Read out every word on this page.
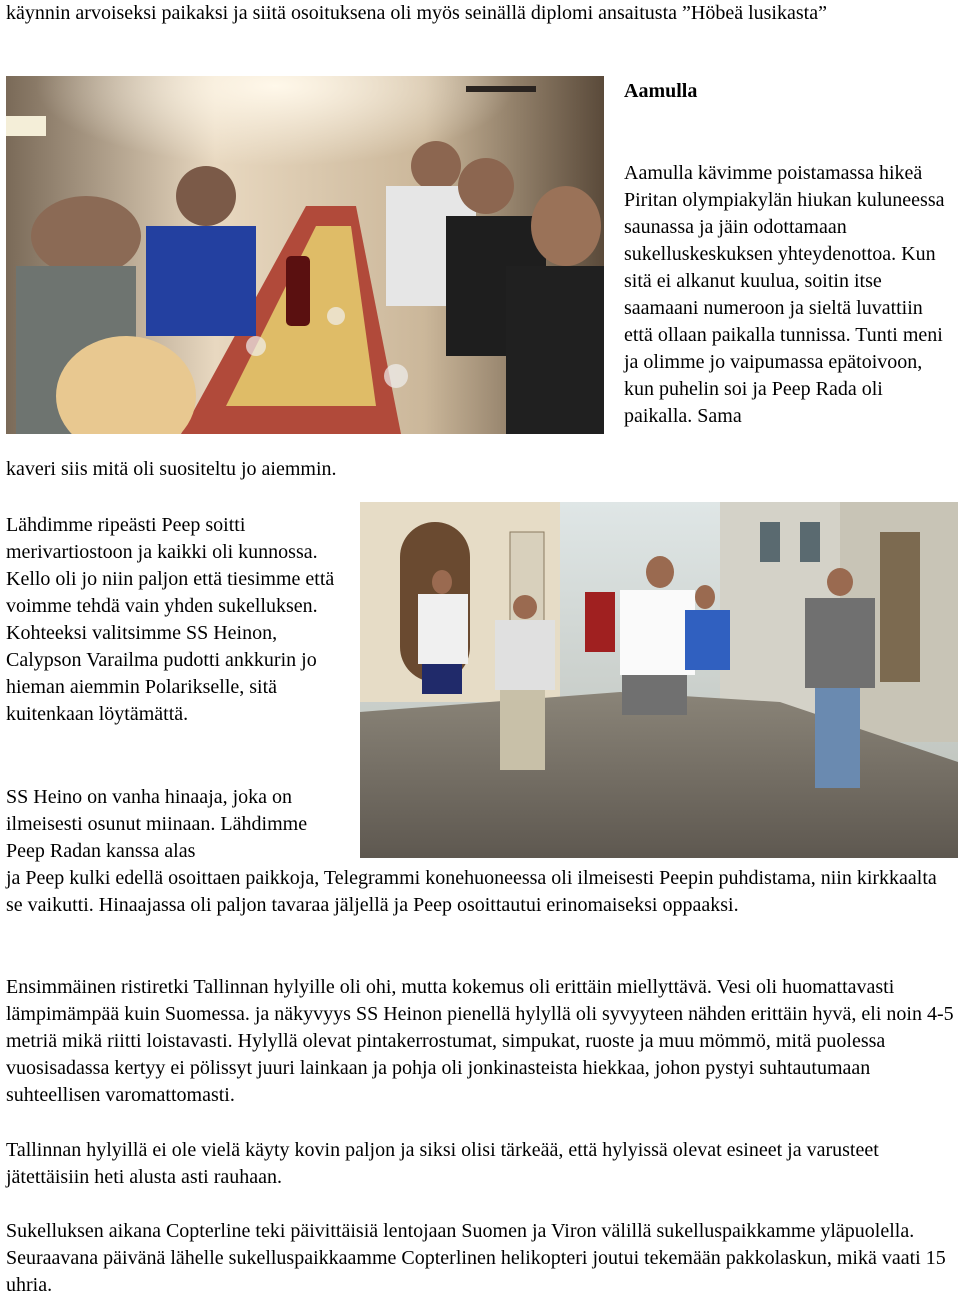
käynnin arvoiseksi paikaksi ja siitä osoituksena oli myös seinällä diplomi ansaitusta ”Höbeä lusikasta”

Aamulla

Aamulla kävimme poistamassa hikeä Piritan olympiakylän hiukan kuluneessa saunassa ja jäin odottamaan sukelluskeskuksen yhteydenottoa. Kun sitä ei alkanut kuulua, soitin itse saamaani numeroon ja sieltä luvattiin että ollaan paikalla tunnissa. Tunti meni ja olimme jo vaipumassa epätoivoon, kun puhelin soi ja Peep Rada oli paikalla. Sama

kaveri siis mitä oli suositeltu jo aiemmin.

Lähdimme ripeästi Peep soitti merivartiostoon ja kaikki oli kunnossa. Kello oli jo niin paljon että tiesimme että voimme tehdä vain yhden sukelluksen. Kohteeksi valitsimme SS Heinon, Calypson Varailma pudotti ankkurin jo hieman aiemmin Polarikselle, sitä kuitenkaan löytämättä.

SS Heino on vanha hinaaja, joka on ilmeisesti osunut miinaan. Lähdimme Peep Radan kanssa alas

ja Peep kulki edellä osoittaen paikkoja, Telegrammi konehuoneessa oli ilmeisesti Peepin puhdistama, niin kirkkaalta se vaikutti. Hinaajassa oli paljon tavaraa jäljellä ja Peep osoittautui erinomaiseksi oppaaksi.

Ensimmäinen ristiretki Tallinnan hylyille oli ohi, mutta kokemus oli erittäin miellyttävä. Vesi oli huomattavasti lämpimämpää kuin Suomessa. ja näkyvyys SS Heinon pienellä hylyllä oli syvyyteen nähden erittäin hyvä, eli noin 4-5 metriä mikä riitti loistavasti. Hylyllä olevat pintakerrostumat, simpukat, ruoste ja muu mömmö, mitä puolessa vuosisadassa kertyy ei pölissyt juuri lainkaan ja pohja oli jonkinasteista hiekkaa, johon pystyi suhtautumaan suhteellisen varomattomasti.

Tallinnan hylyillä ei ole vielä käyty kovin paljon ja siksi olisi tärkeää, että hylyissä olevat esineet ja varusteet jätettäisiin heti alusta asti rauhaan.

Sukelluksen aikana Copterline teki päivittäisiä lentojaan Suomen ja Viron välillä sukelluspaikkamme yläpuolella. Seuraavana päivänä lähelle sukelluspaikkaamme Copterlinen helikopteri joutui tekemään pakkolaskun, mikä vaati 15 uhria.
